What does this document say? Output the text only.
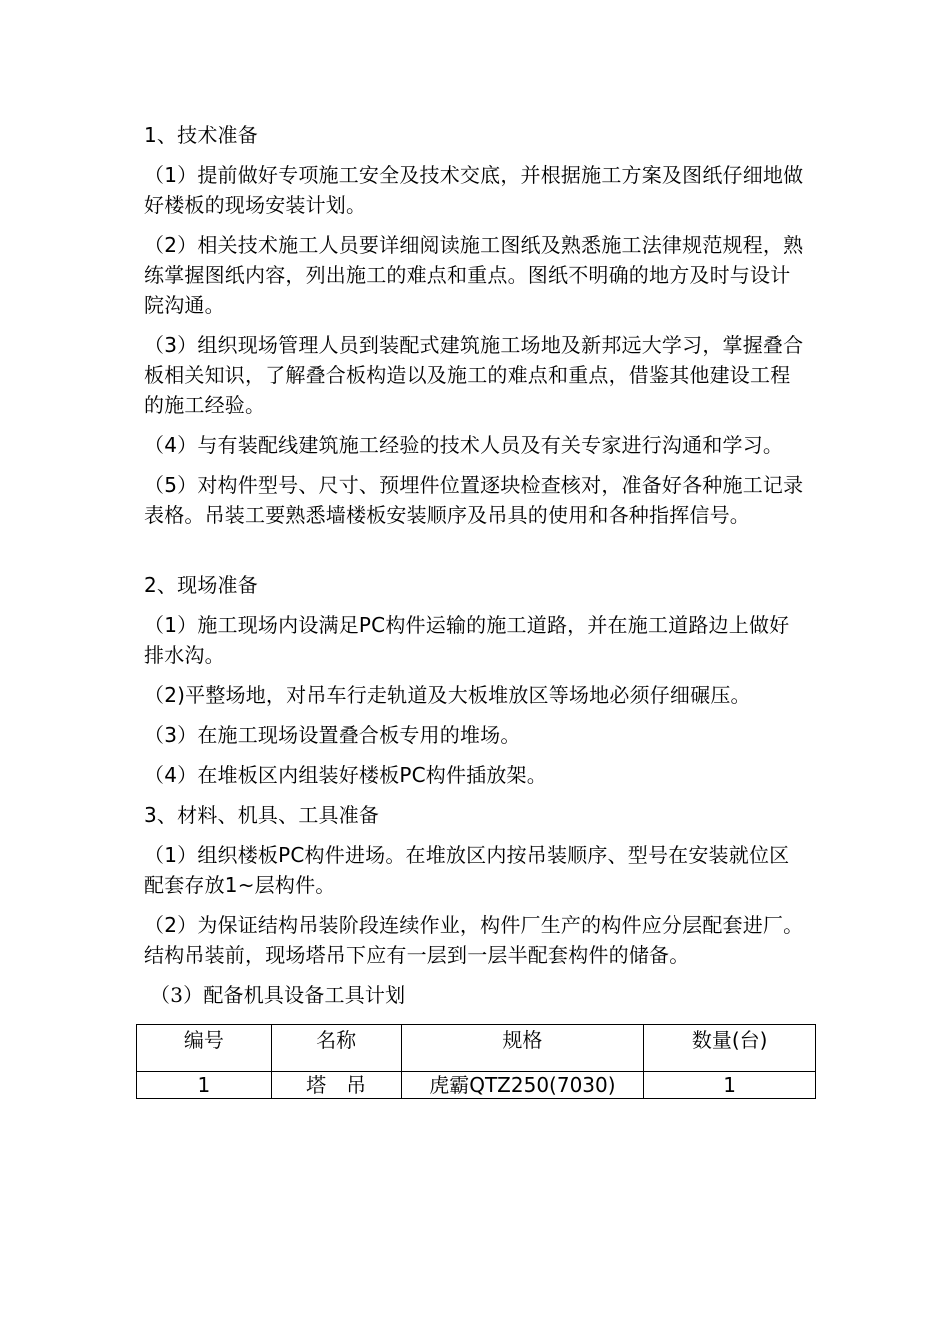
1、技术准备

（1）提前做好专项施工安全及技术交底，并根据施工方案及图纸仔细地做好楼板的现场安装计划。

（2）相关技术施工人员要详细阅读施工图纸及熟悉施工法律规范规程，熟练掌握图纸内容，列出施工的难点和重点。图纸不明确的地方及时与设计院沟通。

（3）组织现场管理人员到装配式建筑施工场地及新邦远大学习，掌握叠合板相关知识，了解叠合板构造以及施工的难点和重点，借鉴其他建设工程的施工经验。

（4）与有装配线建筑施工经验的技术人员及有关专家进行沟通和学习。

（5）对构件型号、尺寸、预埋件位置逐块检查核对，准备好各种施工记录表格。吊装工要熟悉墙楼板安装顺序及吊具的使用和各种指挥信号。

2、现场准备

（1）施工现场内设满足PC构件运输的施工道路，并在施工道路边上做好排水沟。

（2)平整场地，对吊车行走轨道及大板堆放区等场地必须仔细碾压。

（3）在施工现场设置叠合板专用的堆场。

（4）在堆板区内组装好楼板PC构件插放架。

3、材料、机具、工具准备

（1）组织楼板PC构件进场。在堆放区内按吊装顺序、型号在安装就位区配套存放1~层构件。

（2）为保证结构吊装阶段连续作业，构件厂生产的构件应分层配套进厂。结构吊装前，现场塔吊下应有一层到一层半配套构件的储备。

（3）配备机具设备工具计划

编号	名称	规格	数量(台)
1	塔　吊	虎霸QTZ250(7030)	1
